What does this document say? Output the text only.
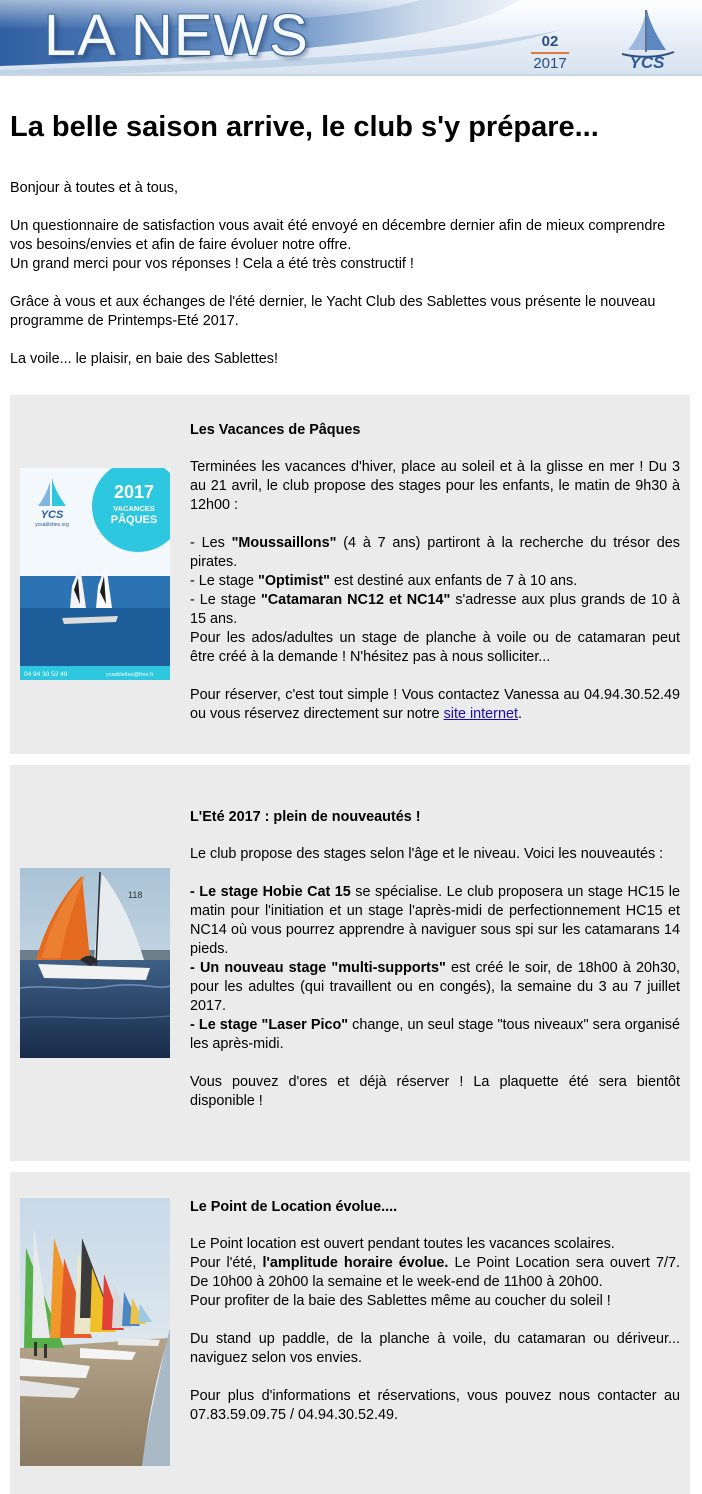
LA NEWS	02
2017	YCS
La belle saison arrive, le club s'y prépare...

Bonjour à toutes et à tous,

Un questionnaire de satisfaction vous avait été envoyé en décembre dernier afin de mieux comprendre vos besoins/envies et afin de faire évoluer notre offre.
Un grand merci pour vos réponses ! Cela a été très constructif !

Grâce à vous et aux échanges de l'été dernier, le Yacht Club des Sablettes vous présente le nouveau programme de Printemps-Eté 2017.

La voile... le plaisir, en baie des Sablettes!

2017
VACANCES
PÂQUES
YCS
ycsablettes.org
04 94 30 52 49	ycsablettes@free.fr
Les Vacances de Pâques

Terminées les vacances d'hiver, place au soleil et à la glisse en mer ! Du 3 au 21 avril, le club propose des stages pour les enfants, le matin de 9h30 à 12h00 :

- Les "Moussaillons" (4 à 7 ans) partiront à la recherche du trésor des pirates.

- Le stage "Optimist" est destiné aux enfants de 7 à 10 ans.

- Le stage "Catamaran NC12 et NC14" s'adresse aux plus grands de 10 à 15 ans.

Pour les ados/adultes un stage de planche à voile ou de catamaran peut être créé à la demande ! N'hésitez pas à nous solliciter...

Pour réserver, c'est tout simple ! Vous contactez Vanessa au 04.94.30.52.49 ou vous réservez directement sur notre site internet.

118
L'Eté 2017 : plein de nouveautés !

Le club propose des stages selon l'âge et le niveau. Voici les nouveautés :

- Le stage Hobie Cat 15 se spécialise. Le club proposera un stage HC15 le matin pour l'initiation et un stage l'après-midi de perfectionnement HC15 et NC14 où vous pourrez apprendre à naviguer sous spi sur les catamarans 14 pieds.

- Un nouveau stage "multi-supports" est créé le soir, de 18h00 à 20h30, pour les adultes (qui travaillent ou en congés), la semaine du 3 au 7 juillet 2017.

- Le stage "Laser Pico" change, un seul stage "tous niveaux" sera organisé les après-midi.

Vous pouvez d'ores et déjà réserver ! La plaquette été sera bientôt disponible !

Le Point de Location évolue....

Le Point location est ouvert pendant toutes les vacances scolaires.

Pour l'été, l'amplitude horaire évolue. Le Point Location sera ouvert 7/7. De 10h00 à 20h00 la semaine et le week-end de 11h00 à 20h00.

Pour profiter de la baie des Sablettes même au coucher du soleil !

Du stand up paddle, de la planche à voile, du catamaran ou dériveur... naviguez selon vos envies.

Pour plus d'informations et réservations, vous pouvez nous contacter au 07.83.59.09.75 / 04.94.30.52.49.
